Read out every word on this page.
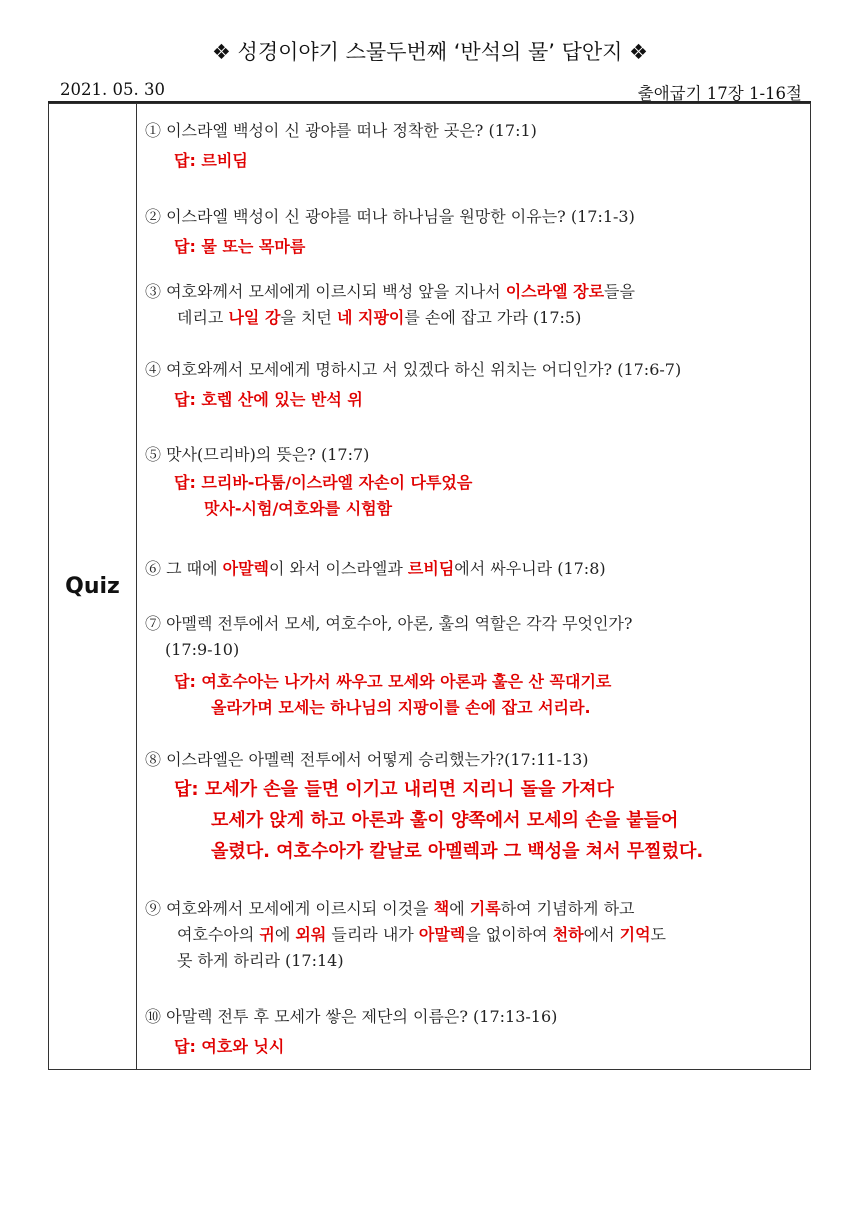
❖ 성경이야기 스물두번째 ‘반석의 물’ 답안지 ❖
2021. 05. 30	출애굽기 17장 1-16절
Quiz
① 이스라엘 백성이 신 광야를 떠나 정착한 곳은? (17:1)
답: 르비딤
② 이스라엘 백성이 신 광야를 떠나 하나님을 원망한 이유는? (17:1-3)
답: 물 또는 목마름
③ 여호와께서 모세에게 이르시되 백성 앞을 지나서 이스라엘 장로들을
데리고 나일 강을 치던 네 지팡이를 손에 잡고 가라 (17:5)
④ 여호와께서 모세에게 명하시고 서 있겠다 하신 위치는 어디인가? (17:6-7)
답: 호렙 산에 있는 반석 위
⑤ 맛사(므리바)의 뜻은? (17:7)
답: 므리바-다툼/이스라엘 자손이 다투었음
맛사-시험/여호와를 시험함
⑥ 그 때에 아말렉이 와서 이스라엘과 르비딤에서 싸우니라 (17:8)
⑦ 아멜렉 전투에서 모세, 여호수아, 아론, 훌의 역할은 각각 무엇인가?
(17:9-10)
답: 여호수아는 나가서 싸우고 모세와 아론과 훌은 산 꼭대기로
올라가며 모세는 하나님의 지팡이를 손에 잡고 서리라.
⑧ 이스라엘은 아멜렉 전투에서 어떻게 승리했는가?(17:11-13)
답: 모세가 손을 들면 이기고 내리면 지리니 돌을 가져다
모세가 앉게 하고 아론과 훌이 양쪽에서 모세의 손을 붙들어
올렸다. 여호수아가 칼날로 아멜렉과 그 백성을 쳐서 무찔렀다.
⑨ 여호와께서 모세에게 이르시되 이것을 책에 기록하여 기념하게 하고
여호수아의 귀에 외워 들리라 내가 아말렉을 없이하여 천하에서 기억도
못 하게 하리라 (17:14)
⑩ 아말렉 전투 후 모세가 쌓은 제단의 이름은? (17:13-16)
답: 여호와 닛시
